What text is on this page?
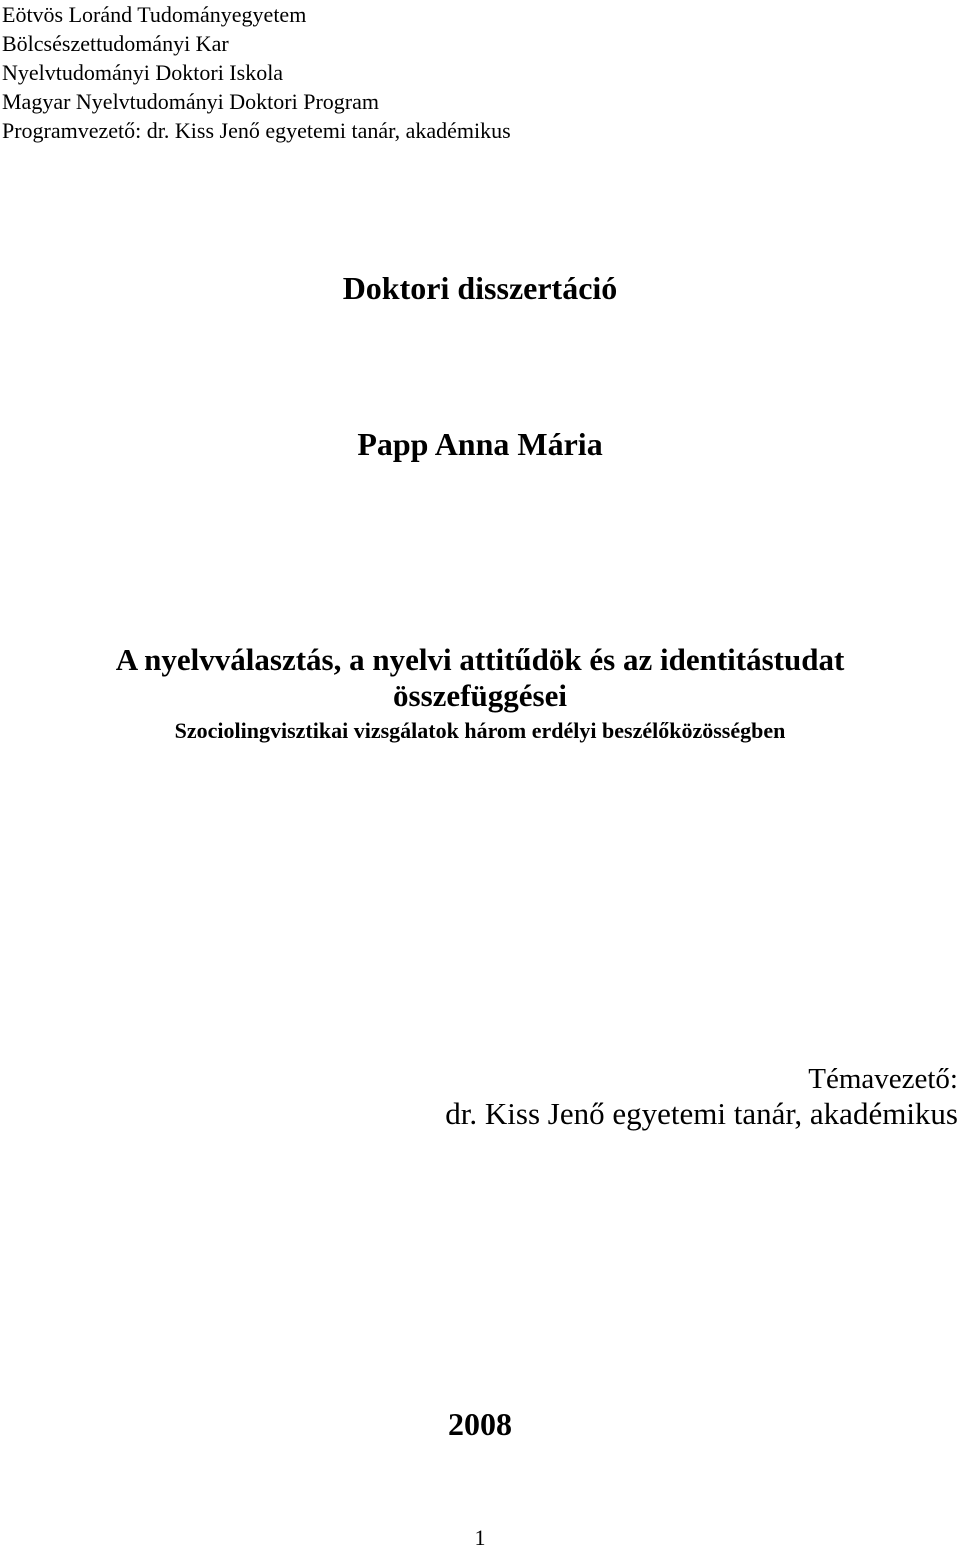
Eötvös Loránd Tudományegyetem
Bölcsészettudományi Kar
Nyelvtudományi Doktori Iskola
Magyar Nyelvtudományi Doktori Program
Programvezető: dr. Kiss Jenő egyetemi tanár, akadémikus
Doktori disszertáció
Papp Anna Mária
A nyelvválasztás, a nyelvi attitűdök és az identitástudat
összefüggései
Szociolingvisztikai vizsgálatok három erdélyi beszélőközösségben
Témavezető:
dr. Kiss Jenő egyetemi tanár, akadémikus
2008
1
